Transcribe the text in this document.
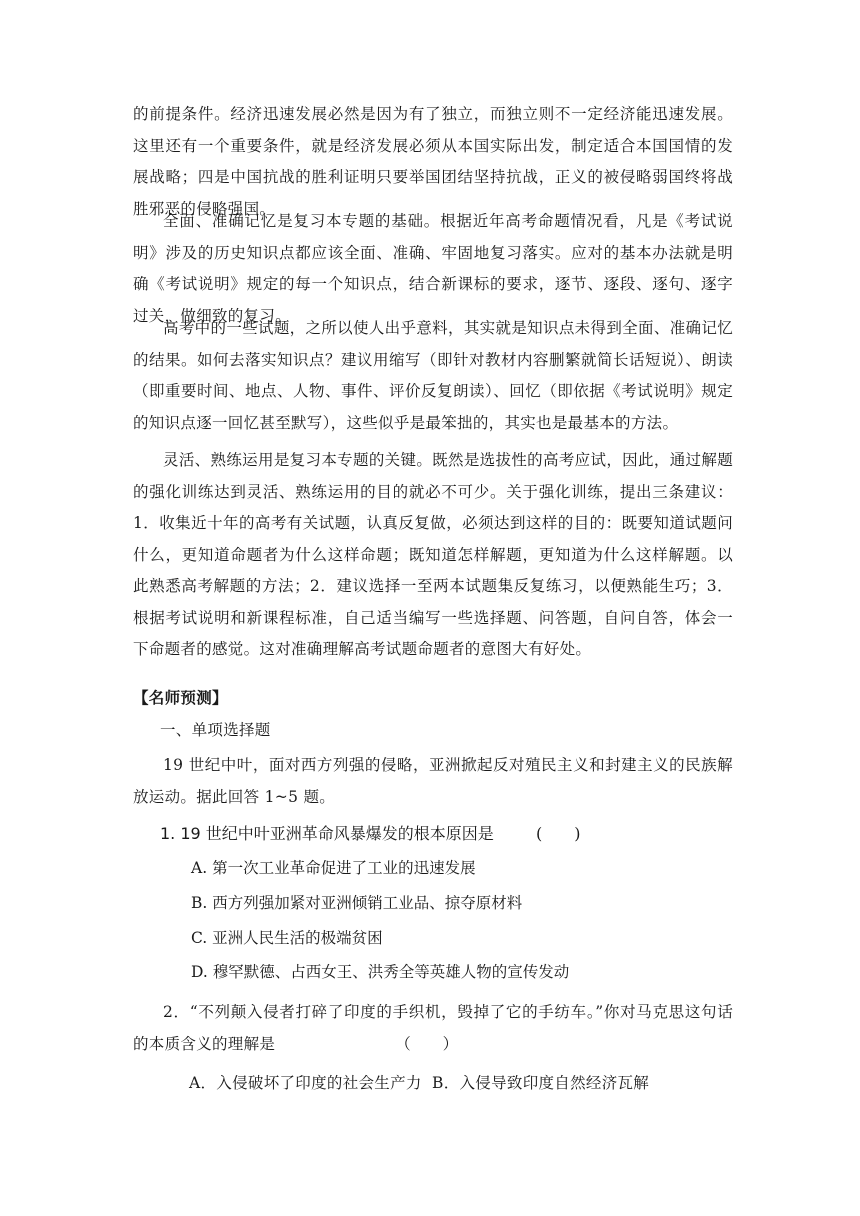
的前提条件。经济迅速发展必然是因为有了独立，而独立则不一定经济能迅速发展。这里还有一个重要条件，就是经济发展必须从本国实际出发，制定适合本国国情的发展战略；四是中国抗战的胜利证明只要举国团结坚持抗战，正义的被侵略弱国终将战胜邪恶的侵略强国。

全面、准确记忆是复习本专题的基础。根据近年高考命题情况看，凡是《考试说明》涉及的历史知识点都应该全面、准确、牢固地复习落实。应对的基本办法就是明确《考试说明》规定的每一个知识点，结合新课标的要求，逐节、逐段、逐句、逐字过关，做细致的复习。

高考中的一些试题，之所以使人出乎意料，其实就是知识点未得到全面、准确记忆的结果。如何去落实知识点？建议用缩写（即针对教材内容删繁就简长话短说）、朗读（即重要时间、地点、人物、事件、评价反复朗读）、回忆（即依据《考试说明》规定的知识点逐一回忆甚至默写），这些似乎是最笨拙的，其实也是最基本的方法。

灵活、熟练运用是复习本专题的关键。既然是选拔性的高考应试，因此，通过解题的强化训练达到灵活、熟练运用的目的就必不可少。关于强化训练，提出三条建议：1．收集近十年的高考有关试题，认真反复做，必须达到这样的目的：既要知道试题问什么，更知道命题者为什么这样命题；既知道怎样解题，更知道为什么这样解题。以此熟悉高考解题的方法；2．建议选择一至两本试题集反复练习，以便熟能生巧；3．根据考试说明和新课程标准，自己适当编写一些选择题、问答题，自问自答，体会一下命题者的感觉。这对准确理解高考试题命题者的意图大有好处。

【名师预测】
一、单项选择题

19 世纪中叶，面对西方列强的侵略，亚洲掀起反对殖民主义和封建主义的民族解放运动。据此回答 1~5 题。

1. 19 世纪中叶亚洲革命风暴爆发的根本原因是	(　　)
A. 第一次工业革命促进了工业的迅速发展
B. 西方列强加紧对亚洲倾销工业品、掠夺原材料
C. 亚洲人民生活的极端贫困
D. 穆罕默德、占西女王、洪秀全等英雄人物的宣传发动
2．“不列颠入侵者打碎了印度的手织机，毁掉了它的手纺车。”你对马克思这句话的本质含义的理解是	（　　）
A．入侵破坏了印度的社会生产力 B．入侵导致印度自然经济瓦解
